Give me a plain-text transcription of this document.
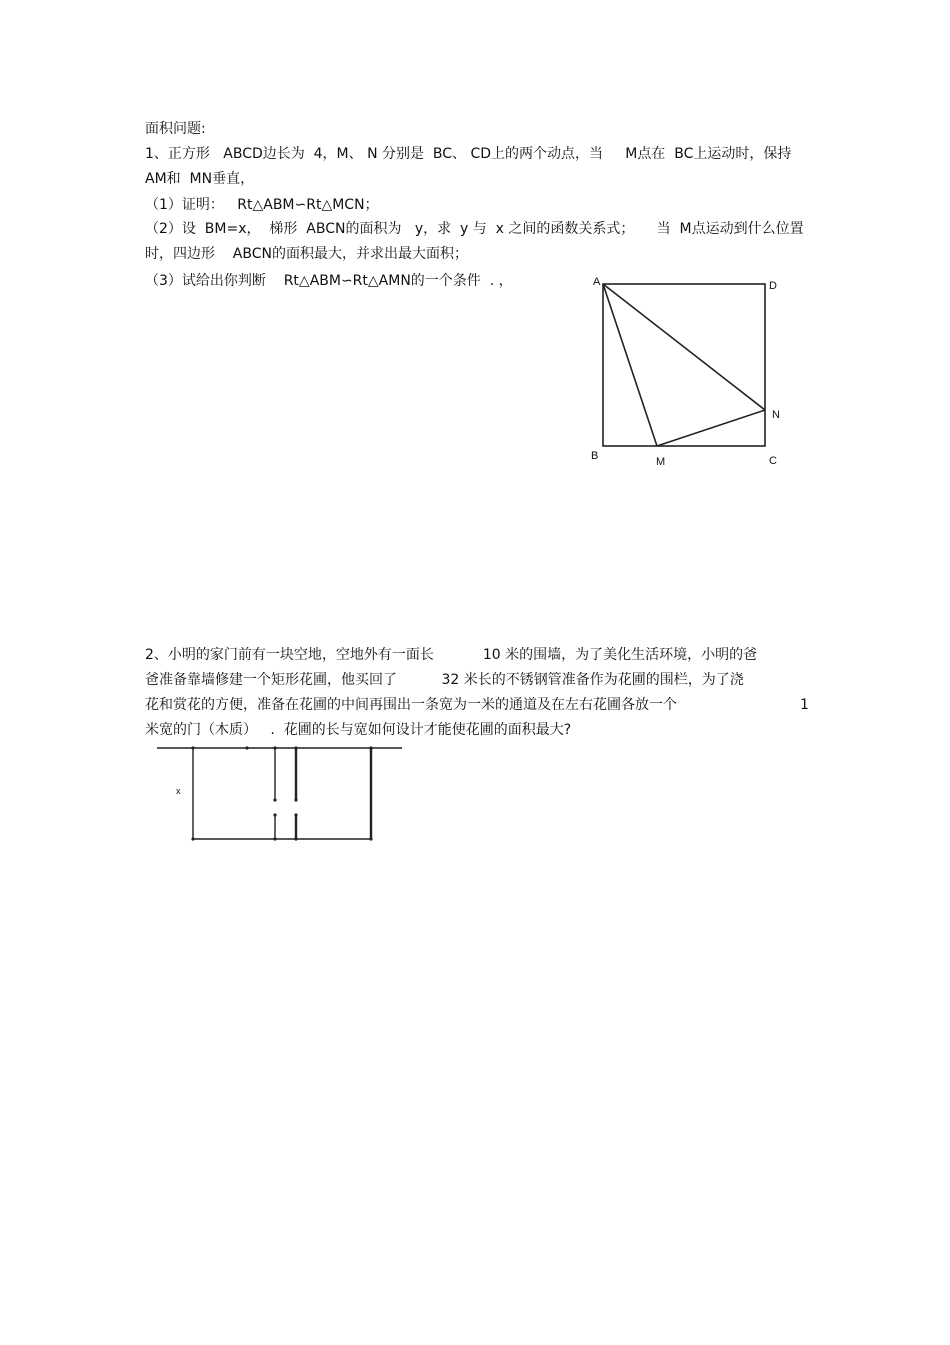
面积问题:
1、正方形   ABCD边长为  4，M、 N 分别是  BC、 CD上的两个动点，当     M点在  BC上运动时，保持
AM和  MN垂直，
（1）证明：   Rt△ABM∽Rt△MCN；
（2）设  BM=x，  梯形  ABCN的面积为   y，求  y 与  x 之间的函数关系式；     当  M点运动到什么位置
时，四边形    ABCN的面积最大，并求出最大面积；
（3）试给出你判断    Rt△ABM∽Rt△AMN的一个条件  . ，	A	D
N
B	M	C
2、小明的家门前有一块空地，空地外有一面长           10 米的围墙，为了美化生活环境，小明的爸
爸准备靠墙修建一个矩形花圃，他买回了          32 米长的不锈钢管准备作为花圃的围栏，为了浇
花和赏花的方便，准备在花圃的中间再围出一条宽为一米的通道及在左右花圃各放一个	1
米宽的门（木质）   .  花圃的长与宽如何设计才能使花圃的面积最大?
x
